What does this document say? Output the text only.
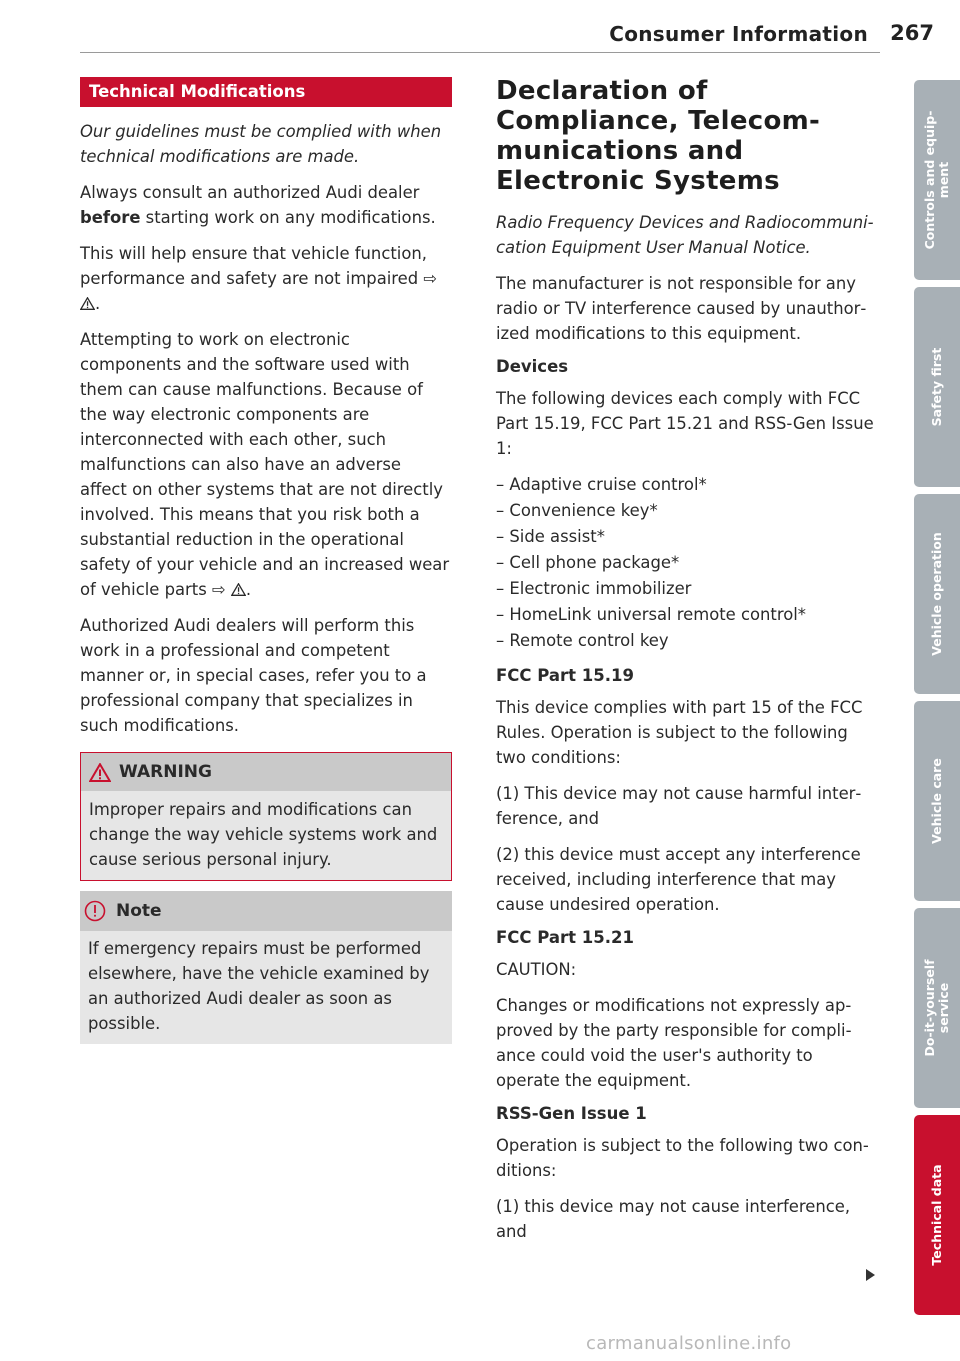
Consumer Information 267
Technical Modifications

Our guidelines must be complied with when technical modifications are made.

Always consult an authorized Audi dealer before starting work on any modifications.

This will help ensure that vehicle function, performance and safety are not impaired ⇨ .

Attempting to work on electronic components and the software used with them can cause malfunctions. Because of the way electronic components are interconnected with each other, such malfunctions can also have an adverse affect on other systems that are not directly involved. This means that you risk both a substantial reduction in the operational safety of your vehicle and an increased wear of vehicle parts ⇨ .

Authorized Audi dealers will perform this work in a professional and competent manner or, in special cases, refer you to a professional company that specializes in such modifications.

WARNING

Improper repairs and modifications can change the way vehicle systems work and cause serious personal injury.

Note

If emergency repairs must be performed elsewhere, have the vehicle examined by an authorized Audi dealer as soon as possible.

Declaration of Compliance, Telecommunications and Electronic Systems

Radio Frequency Devices and Radiocommunication Equipment User Manual Notice.

The manufacturer is not responsible for any radio or TV interference caused by unauthorized modifications to this equipment.

Devices

The following devices each comply with FCC Part 15.19, FCC Part 15.21 and RSS-Gen Issue 1:

– Adaptive cruise control*
– Convenience key*
– Side assist*
– Cell phone package*
– Electronic immobilizer
– HomeLink universal remote control*
– Remote control key
FCC Part 15.19

This device complies with part 15 of the FCC Rules. Operation is subject to the following two conditions:

(1) This device may not cause harmful interference, and

(2) this device must accept any interference received, including interference that may cause undesired operation.

FCC Part 15.21

CAUTION:

Changes or modifications not expressly approved by the party responsible for compliance could void the user's authority to operate the equipment.

RSS-Gen Issue 1

Operation is subject to the following two conditions:

(1) this device may not cause interference, and

Controls and equip-
ment
Safety first
Vehicle operation
Vehicle care
Do-it-yourself
service
Technical data
carmanualsonline.info
